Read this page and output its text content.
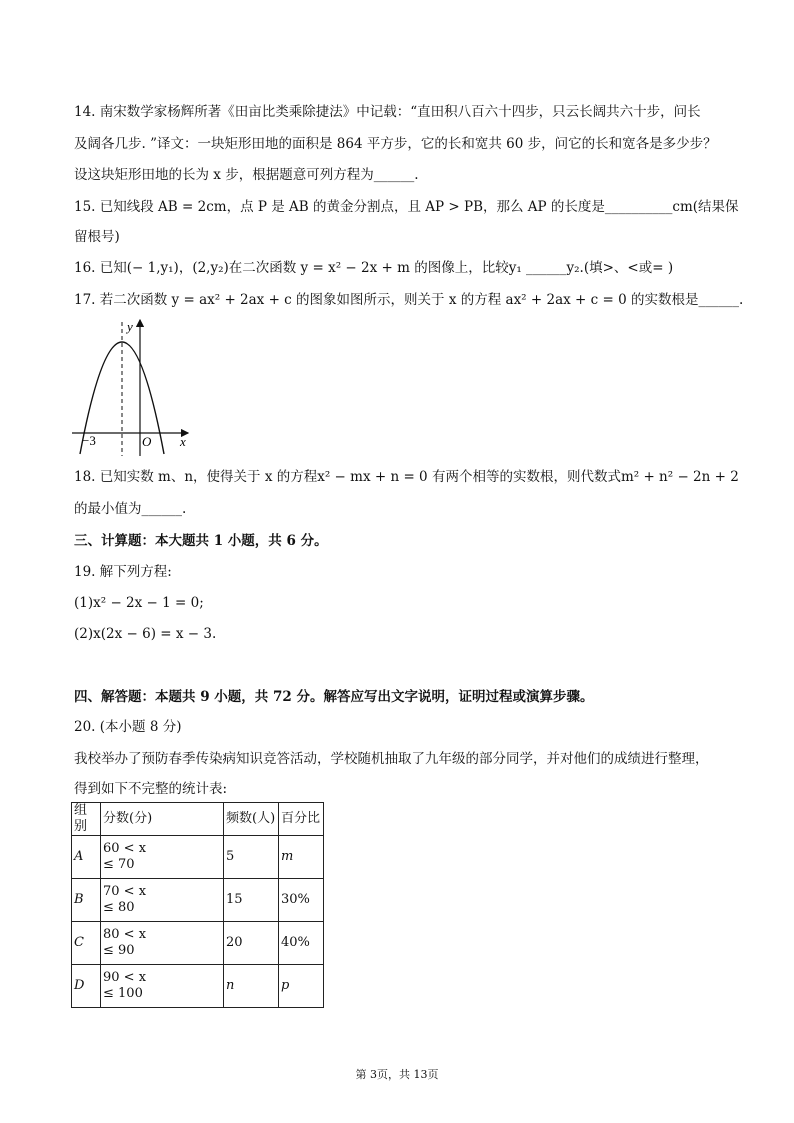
14. 南宋数学家杨辉所著《田亩比类乘除捷法》中记载：“直田积八百六十四步，只云长阔共六十步，问长
及阔各几步. ”译文：一块矩形田地的面积是 864 平方步，它的长和宽共 60 步，问它的长和宽各是多少步？
设这块矩形田地的长为 x 步，根据题意可列方程为______.
15. 已知线段 AB = 2cm，点 P 是 AB 的黄金分割点，且 AP > PB，那么 AP 的长度是__________cm(结果保
留根号)
16. 已知(− 1,y₁)，(2,y₂)在二次函数 y = x² − 2x + m 的图像上，比较y₁ ______y₂.(填>、<或= )
17. 若二次函数 y = ax² + 2ax + c 的图象如图所示，则关于 x 的方程 ax² + 2ax + c = 0 的实数根是______.
y
x
O
−3
18. 已知实数 m、n，使得关于 x 的方程x² − mx + n = 0 有两个相等的实数根，则代数式m² + n² − 2n + 2
的最小值为______.
三、计算题：本大题共 1 小题，共 6 分。
19. 解下列方程:
(1)x² − 2x − 1 = 0;
(2)x(2x − 6) = x − 3.
四、解答题：本题共 9 小题，共 72 分。解答应写出文字说明，证明过程或演算步骤。
20. (本小题 8 分)
我校举办了预防春季传染病知识竞答活动，学校随机抽取了九年级的部分同学，并对他们的成绩进行整理，
得到如下不完整的统计表:
组别	分数(分)	频数(人)	百分比
A	60 < x
≤ 70	5	m
B	70 < x
≤ 80	15	30%
C	80 < x
≤ 90	20	40%
D	90 < x
≤ 100	n	p
第 3页，共 13页
